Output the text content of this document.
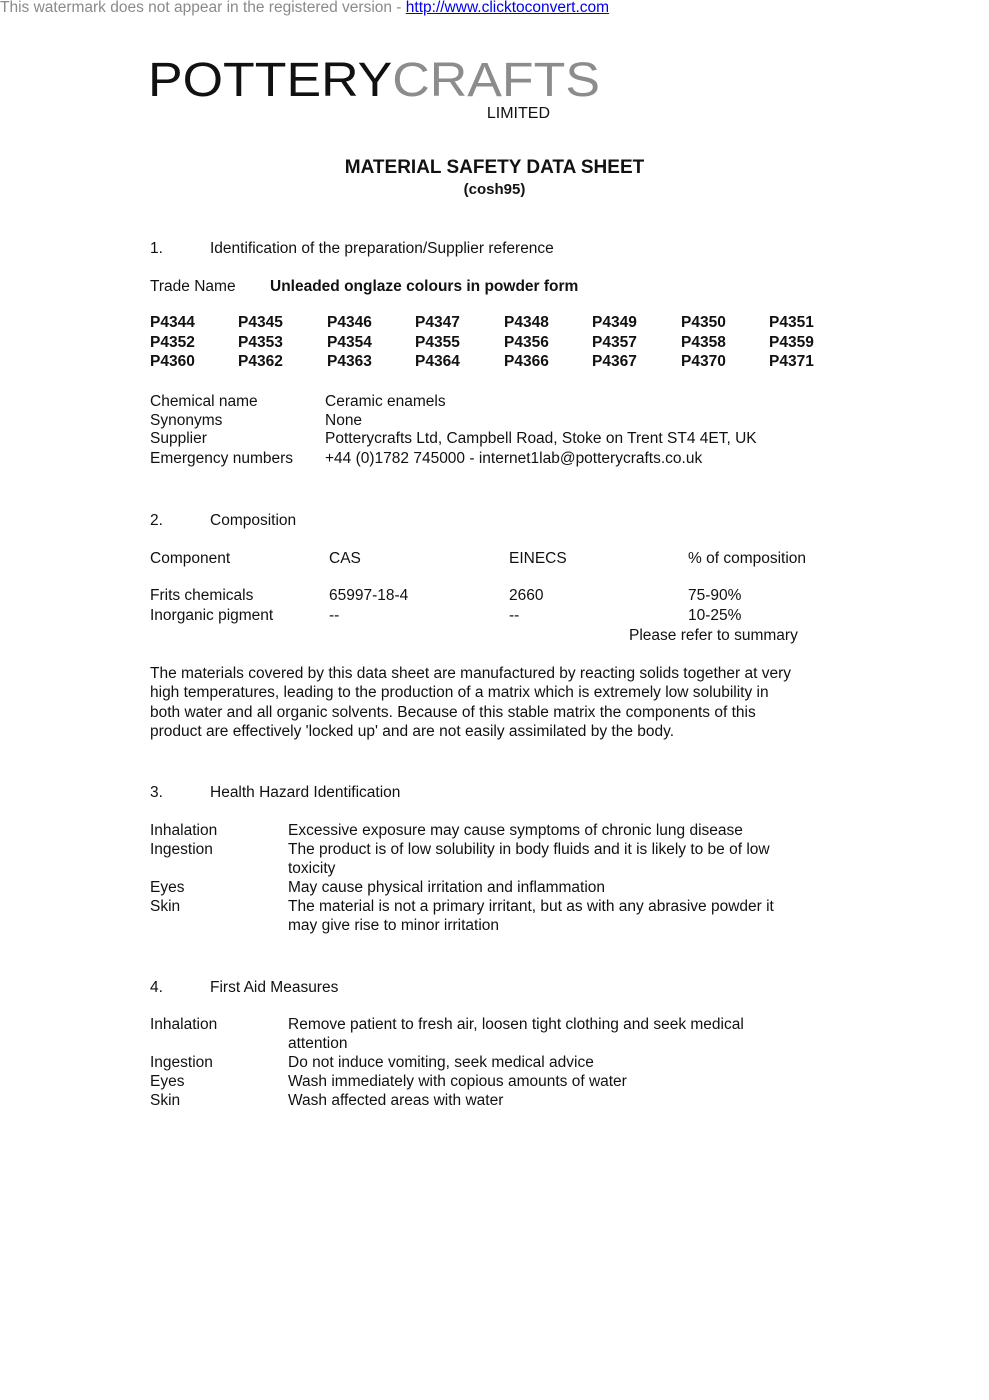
This watermark does not appear in the registered version - http://www.clicktoconvert.com
POTTERY CRAFTS
LIMITED
MATERIAL SAFETY DATA SHEET
(cosh95)
1.	Identification of the preparation/Supplier reference
Trade Name Unleaded onglaze colours in powder form
P4344	P4345	P4346	P4347	P4348	P4349	P4350	P4351
P4352	P4353	P4354	P4355	P4356	P4357	P4358	P4359
P4360	P4362	P4363	P4364	P4366	P4367	P4370	P4371
Chemical name	Ceramic enamels
Synonyms	None
Supplier	Potterycrafts Ltd, Campbell Road, Stoke on Trent ST4 4ET, UK
Emergency numbers +44 (0)1782 745000 - internet1lab@potterycrafts.co.uk
2.	Composition
Component	CAS	EINECS	% of composition
Frits chemicals	65997-18-4	2660	75-90%
Inorganic pigment	--	--	10-25%
Please refer to summary
The materials covered by this data sheet are manufactured by reacting solids together at very
high temperatures, leading to the production of a matrix which is extremely low solubility in
both water and all organic solvents. Because of this stable matrix the components of this
product are effectively 'locked up' and are not easily assimilated by the body.
3.	Health Hazard Identification
Inhalation	Excessive exposure may cause symptoms of chronic lung disease
Ingestion	The product is of low solubility in body fluids and it is likely to be of low
toxicity
Eyes	May cause physical irritation and inflammation
Skin	The material is not a primary irritant, but as with any abrasive powder it
may give rise to minor irritation
4.	First Aid Measures
Inhalation	Remove patient to fresh air, loosen tight clothing and seek medical
attention
Ingestion	Do not induce vomiting, seek medical advice
Eyes	Wash immediately with copious amounts of water
Skin	Wash affected areas with water
